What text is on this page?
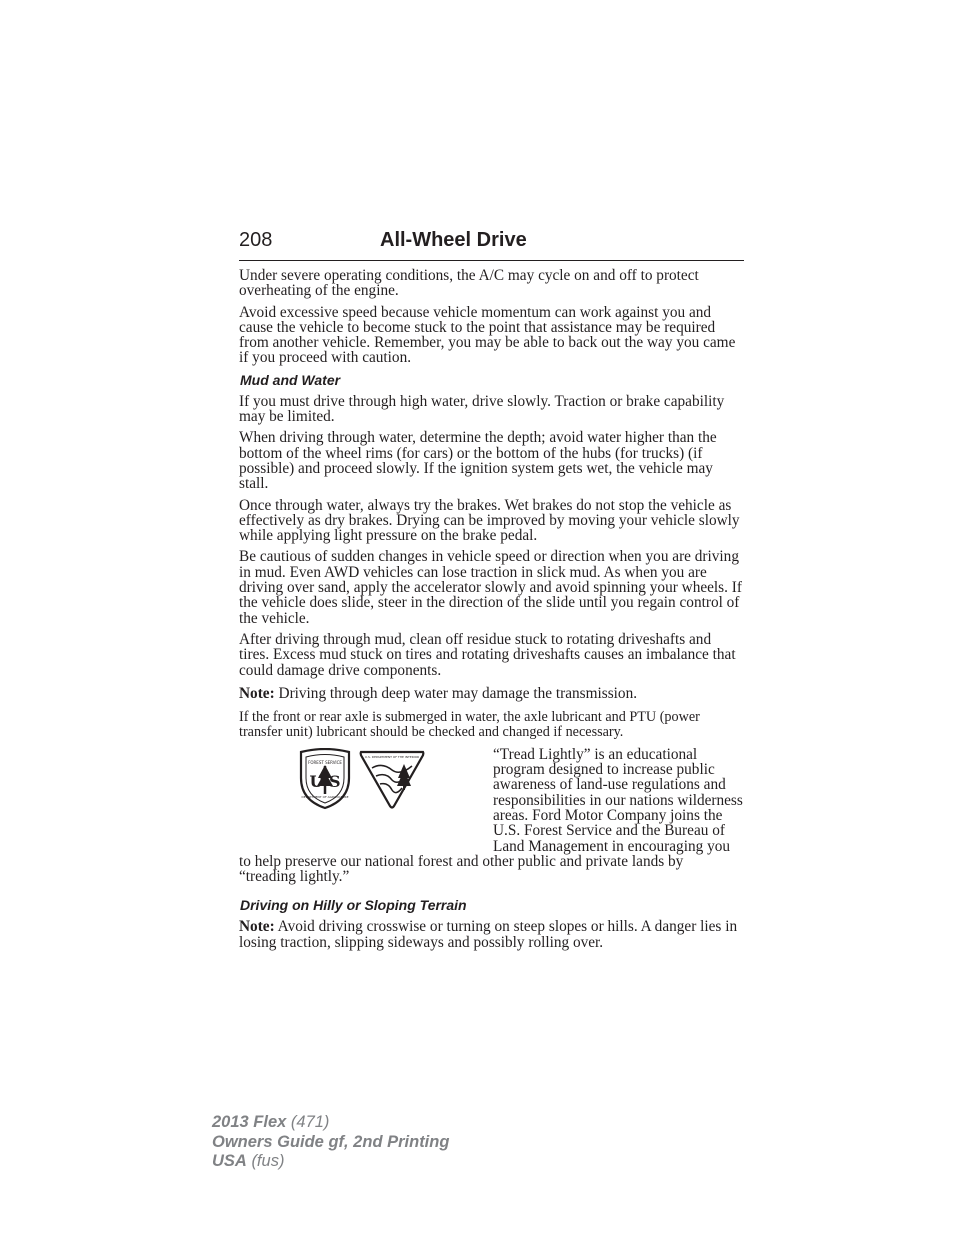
208	All-Wheel Drive

Under severe operating conditions, the A/C may cycle on and off to protect overheating of the engine.

Avoid excessive speed because vehicle momentum can work against you and cause the vehicle to become stuck to the point that assistance may be required from another vehicle. Remember, you may be able to back out the way you came if you proceed with caution.

Mud and Water

If you must drive through high water, drive slowly. Traction or brake capability may be limited.

When driving through water, determine the depth; avoid water higher than the bottom of the wheel rims (for cars) or the bottom of the hubs (for trucks) (if possible) and proceed slowly. If the ignition system gets wet, the vehicle may stall.

Once through water, always try the brakes. Wet brakes do not stop the vehicle as effectively as dry brakes. Drying can be improved by moving your vehicle slowly while applying light pressure on the brake pedal.

Be cautious of sudden changes in vehicle speed or direction when you are driving in mud. Even AWD vehicles can lose traction in slick mud. As when you are driving over sand, apply the accelerator slowly and avoid spinning your wheels. If the vehicle does slide, steer in the direction of the slide until you regain control of the vehicle.

After driving through mud, clean off residue stuck to rotating driveshafts and tires. Excess mud stuck on tires and rotating driveshafts causes an imbalance that could damage drive components.

Note: Driving through deep water may damage the transmission.

If the front or rear axle is submerged in water, the axle lubricant and PTU (power transfer unit) lubricant should be checked and changed if necessary.

FOREST SERVICE
U S
DEPARTMENT OF AGRICULTURE
U.S. DEPARTMENT OF THE INTERIOR	“Tread Lightly” is an educational program designed to increase public awareness of land-use regulations and responsibilities in our nations wilderness areas. Ford Motor Company joins the U.S. Forest Service and the Bureau of Land Management in encouraging you to help preserve our national forest and other public and private lands by “treading lightly.”

Driving on Hilly or Sloping Terrain

Note: Avoid driving crosswise or turning on steep slopes or hills. A danger lies in losing traction, slipping sideways and possibly rolling over.

2013 Flex (471)
Owners Guide gf, 2nd Printing
USA (fus)
